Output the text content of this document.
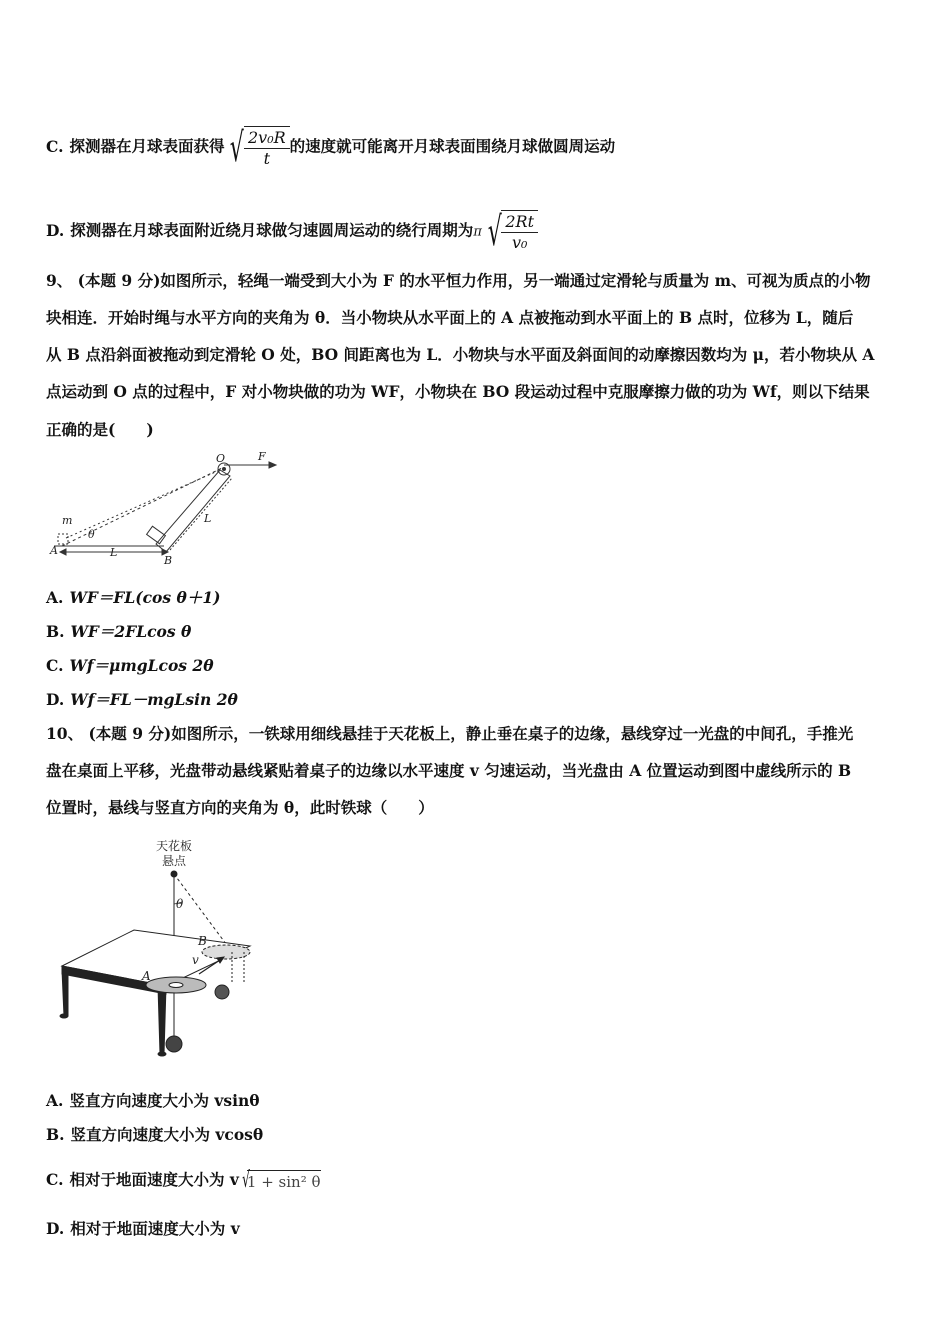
C. 探测器在月球表面获得 √ $\frac{\text{2v₀R}}{t}$ 的速度就可能离开月球表面围绕月球做圆周运动
D. 探测器在月球表面附近绕月球做匀速圆周运动的绕行周期为π √ $\frac{2Rt}{\text{v₀}}$
9、 (本题 9 分)如图所示，轻绳一端受到大小为 F 的水平恒力作用，另一端通过定滑轮与质量为 m、可视为质点的小物
块相连．开始时绳与水平方向的夹角为 θ．当小物块从水平面上的 A 点被拖动到水平面上的 B 点时，位移为 L，随后
从 B 点沿斜面被拖动到定滑轮 O 处，BO 间距离也为 L．小物块与水平面及斜面间的动摩擦因数均为 μ，若小物块从 A
点运动到 O 点的过程中，F 对小物块做的功为 WF，小物块在 BO 段运动过程中克服摩擦力做的功为 Wf，则以下结果
正确的是(　　)
O	F
m
θ
A	L
L
B
A. WF＝FL(cos θ＋1)
B. WF＝2FLcos θ
C. Wf＝μmgLcos 2θ
D. Wf＝FL－mgLsin 2θ
10、 (本题 9 分)如图所示，一铁球用细线悬挂于天花板上，静止垂在桌子的边缘，悬线穿过一光盘的中间孔，手推光
盘在桌面上平移，光盘带动悬线紧贴着桌子的边缘以水平速度 v 匀速运动，当光盘由 A 位置运动到图中虚线所示的 B
位置时，悬线与竖直方向的夹角为 θ，此时铁球（　　）
天花板
悬点
θ
B
A
v
A. 竖直方向速度大小为 vsinθ
B. 竖直方向速度大小为 vcosθ
C. 相对于地面速度大小为 v √
1 + sin² θ
D. 相对于地面速度大小为 v
